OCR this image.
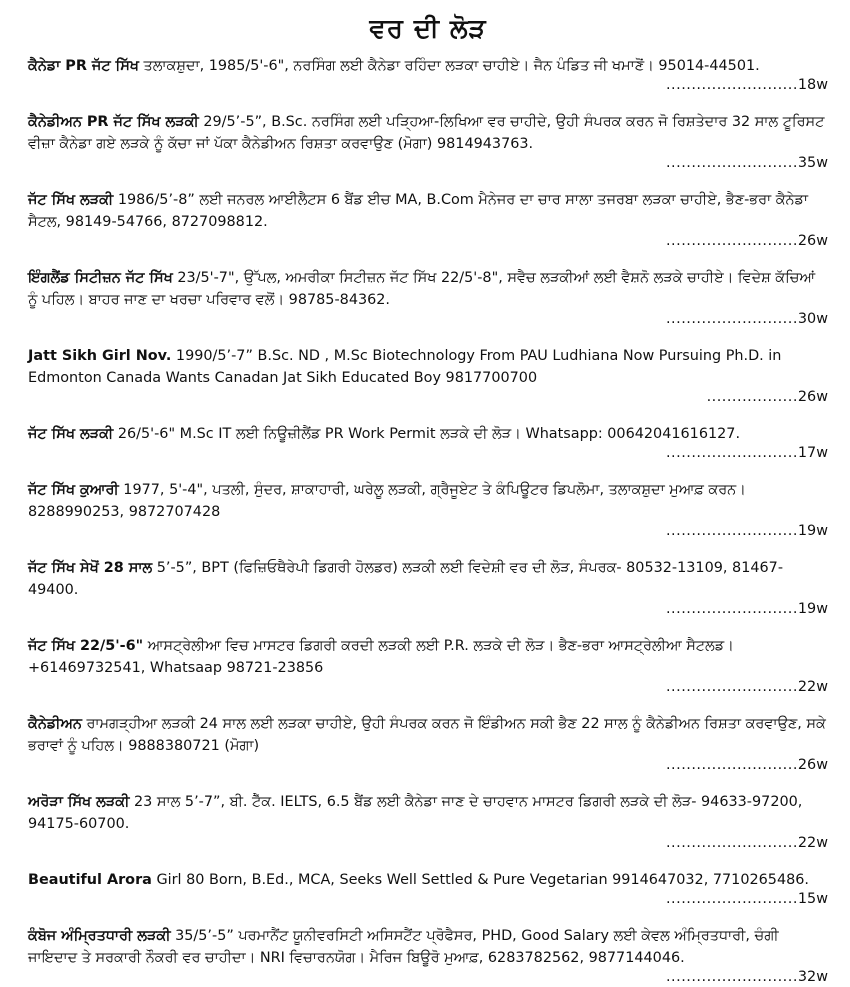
ਵਰ ਦੀ ਲੋੜ
ਕੈਨੇਡਾ PR ਜੱਟ ਸਿੱਖ ਤਲਾਕਸ਼ੁਦਾ, 1985/5'-6", ਨਰਸਿੰਗ ਲਈ ਕੈਨੇਡਾ ਰਹਿੰਦਾ ਲੜਕਾ ਚਾਹੀਏ। ਜੈਨ ਪੰਡਿਤ ਜੀ ਖਮਾਣੋਂ। 95014-44501.
..........................18w
ਕੈਨੇਡੀਅਨ PR ਜੱਟ ਸਿੱਖ ਲੜਕੀ 29/5’-5”, B.Sc. ਨਰਸਿੰਗ ਲਈ ਪੜ੍ਹਿਆ-ਲਿਖਿਆ ਵਰ ਚਾਹੀਦੇ, ਉਹੀ ਸੰਪਰਕ ਕਰਨ ਜੋ ਰਿਸ਼ਤੇਦਾਰ 32 ਸਾਲ ਟੂਰਿਸਟ ਵੀਜ਼ਾ ਕੈਨੇਡਾ ਗਏ ਲੜਕੇ ਨੂੰ ਕੱਚਾ ਜਾਂ ਪੱਕਾ ਕੈਨੇਡੀਅਨ ਰਿਸ਼ਤਾ ਕਰਵਾਉਣ (ਮੋਗਾ) 9814943763.
..........................35w
ਜੱਟ ਸਿੱਖ ਲੜਕੀ 1986/5’-8” ਲਈ ਜਨਰਲ ਆਈਲੈਟਸ 6 ਬੈਂਡ ਈਚ MA, B.Com ਮੈਨੇਜਰ ਦਾ ਚਾਰ ਸਾਲਾ ਤਜਰਬਾ ਲੜਕਾ ਚਾਹੀਏ, ਭੈਣ-ਭਰਾ ਕੈਨੇਡਾ ਸੈਟਲ, 98149-54766, 8727098812.
..........................26w
ਇੰਗਲੈਂਡ ਸਿਟੀਜ਼ਨ ਜੱਟ ਸਿੱਖ 23/5'-7", ਉੱਪਲ, ਅਮਰੀਕਾ ਸਿਟੀਜ਼ਨ ਜੱਟ ਸਿੱਖ 22/5'-8", ਸਵੈਚ ਲੜਕੀਆਂ ਲਈ ਵੈਸ਼ਨੋ ਲੜਕੇ ਚਾਹੀਏ। ਵਿਦੇਸ਼ ਕੱਚਿਆਂ ਨੂੰ ਪਹਿਲ। ਬਾਹਰ ਜਾਣ ਦਾ ਖਰਚਾ ਪਰਿਵਾਰ ਵਲੋਂ। 98785-84362.
..........................30w
Jatt Sikh Girl Nov. 1990/5’-7” B.Sc. ND , M.Sc Biotechnology From PAU Ludhiana Now Pursuing Ph.D. in Edmonton Canada Wants Canadan Jat Sikh Educated Boy 9817700700
..................26w
ਜੱਟ ਸਿੱਖ ਲੜਕੀ 26/5'-6" M.Sc IT ਲਈ ਨਿਊਜ਼ੀਲੈਂਡ PR Work Permit ਲੜਕੇ ਦੀ ਲੋੜ। Whatsapp: 00642041616127.
..........................17w
ਜੱਟ ਸਿੱਖ ਕੁਆਰੀ 1977, 5'-4", ਪਤਲੀ, ਸੁੰਦਰ, ਸ਼ਾਕਾਹਾਰੀ, ਘਰੇਲੂ ਲੜਕੀ, ਗ੍ਰੈਜੂਏਟ ਤੇ ਕੰਪਿਊਟਰ ਡਿਪਲੋਮਾ, ਤਲਾਕਸ਼ੁਦਾ ਮੁਆਫ਼ ਕਰਨ। 8288990253, 9872707428
..........................19w
ਜੱਟ ਸਿੱਖ ਸੇਖੋਂ 28 ਸਾਲ 5’-5”, BPT (ਫਿਜ਼ਿਓਥੈਰੇਪੀ ਡਿਗਰੀ ਹੋਲਡਰ) ਲੜਕੀ ਲਈ ਵਿਦੇਸ਼ੀ ਵਰ ਦੀ ਲੋੜ, ਸੰਪਰਕ- 80532-13109, 81467-49400.
..........................19w
ਜੱਟ ਸਿੱਖ 22/5'-6" ਆਸਟ੍ਰੇਲੀਆ ਵਿਚ ਮਾਸਟਰ ਡਿਗਰੀ ਕਰਦੀ ਲੜਕੀ ਲਈ P.R. ਲੜਕੇ ਦੀ ਲੋੜ। ਭੈਣ-ਭਰਾ ਆਸਟ੍ਰੇਲੀਆ ਸੈਟਲਡ। +61469732541, Whatsaap 98721-23856
..........................22w
ਕੈਨੇਡੀਅਨ ਰਾਮਗੜ੍ਹੀਆ ਲੜਕੀ 24 ਸਾਲ ਲਈ ਲੜਕਾ ਚਾਹੀਏ, ਉਹੀ ਸੰਪਰਕ ਕਰਨ ਜੋ ਇੰਡੀਅਨ ਸਕੀ ਭੈਣ 22 ਸਾਲ ਨੂੰ ਕੈਨੇਡੀਅਨ ਰਿਸ਼ਤਾ ਕਰਵਾਉਣ, ਸਕੇ ਭਰਾਵਾਂ ਨੂੰ ਪਹਿਲ। 9888380721 (ਮੋਗਾ)
..........................26w
ਅਰੋੜਾ ਸਿੱਖ ਲੜਕੀ 23 ਸਾਲ 5’-7”, ਬੀ. ਟੈੱਕ. IELTS, 6.5 ਬੈਂਡ ਲਈ ਕੈਨੇਡਾ ਜਾਣ ਦੇ ਚਾਹਵਾਨ ਮਾਸਟਰ ਡਿਗਰੀ ਲੜਕੇ ਦੀ ਲੋੜ- 94633-97200, 94175-60700.
..........................22w
Beautiful Arora Girl 80 Born, B.Ed., MCA, Seeks Well Settled & Pure Vegetarian 9914647032, 7710265486.
..........................15w
ਕੰਬੋਜ ਅੰਮ੍ਰਿਤਧਾਰੀ ਲੜਕੀ 35/5’-5” ਪਰਮਾਨੈਂਟ ਯੂਨੀਵਰਸਿਟੀ ਅਸਿਸਟੈਂਟ ਪ੍ਰੋਫੈਸਰ, PHD, Good Salary ਲਈ ਕੇਵਲ ਅੰਮ੍ਰਿਤਧਾਰੀ, ਚੰਗੀ ਜਾਇਦਾਦ ਤੇ ਸਰਕਾਰੀ ਨੌਕਰੀ ਵਰ ਚਾਹੀਦਾ। NRI ਵਿਚਾਰਨਯੋਗ। ਮੈਰਿਜ ਬਿਊਰੋ ਮੁਆਫ਼, 6283782562, 9877144046.
..........................32w
